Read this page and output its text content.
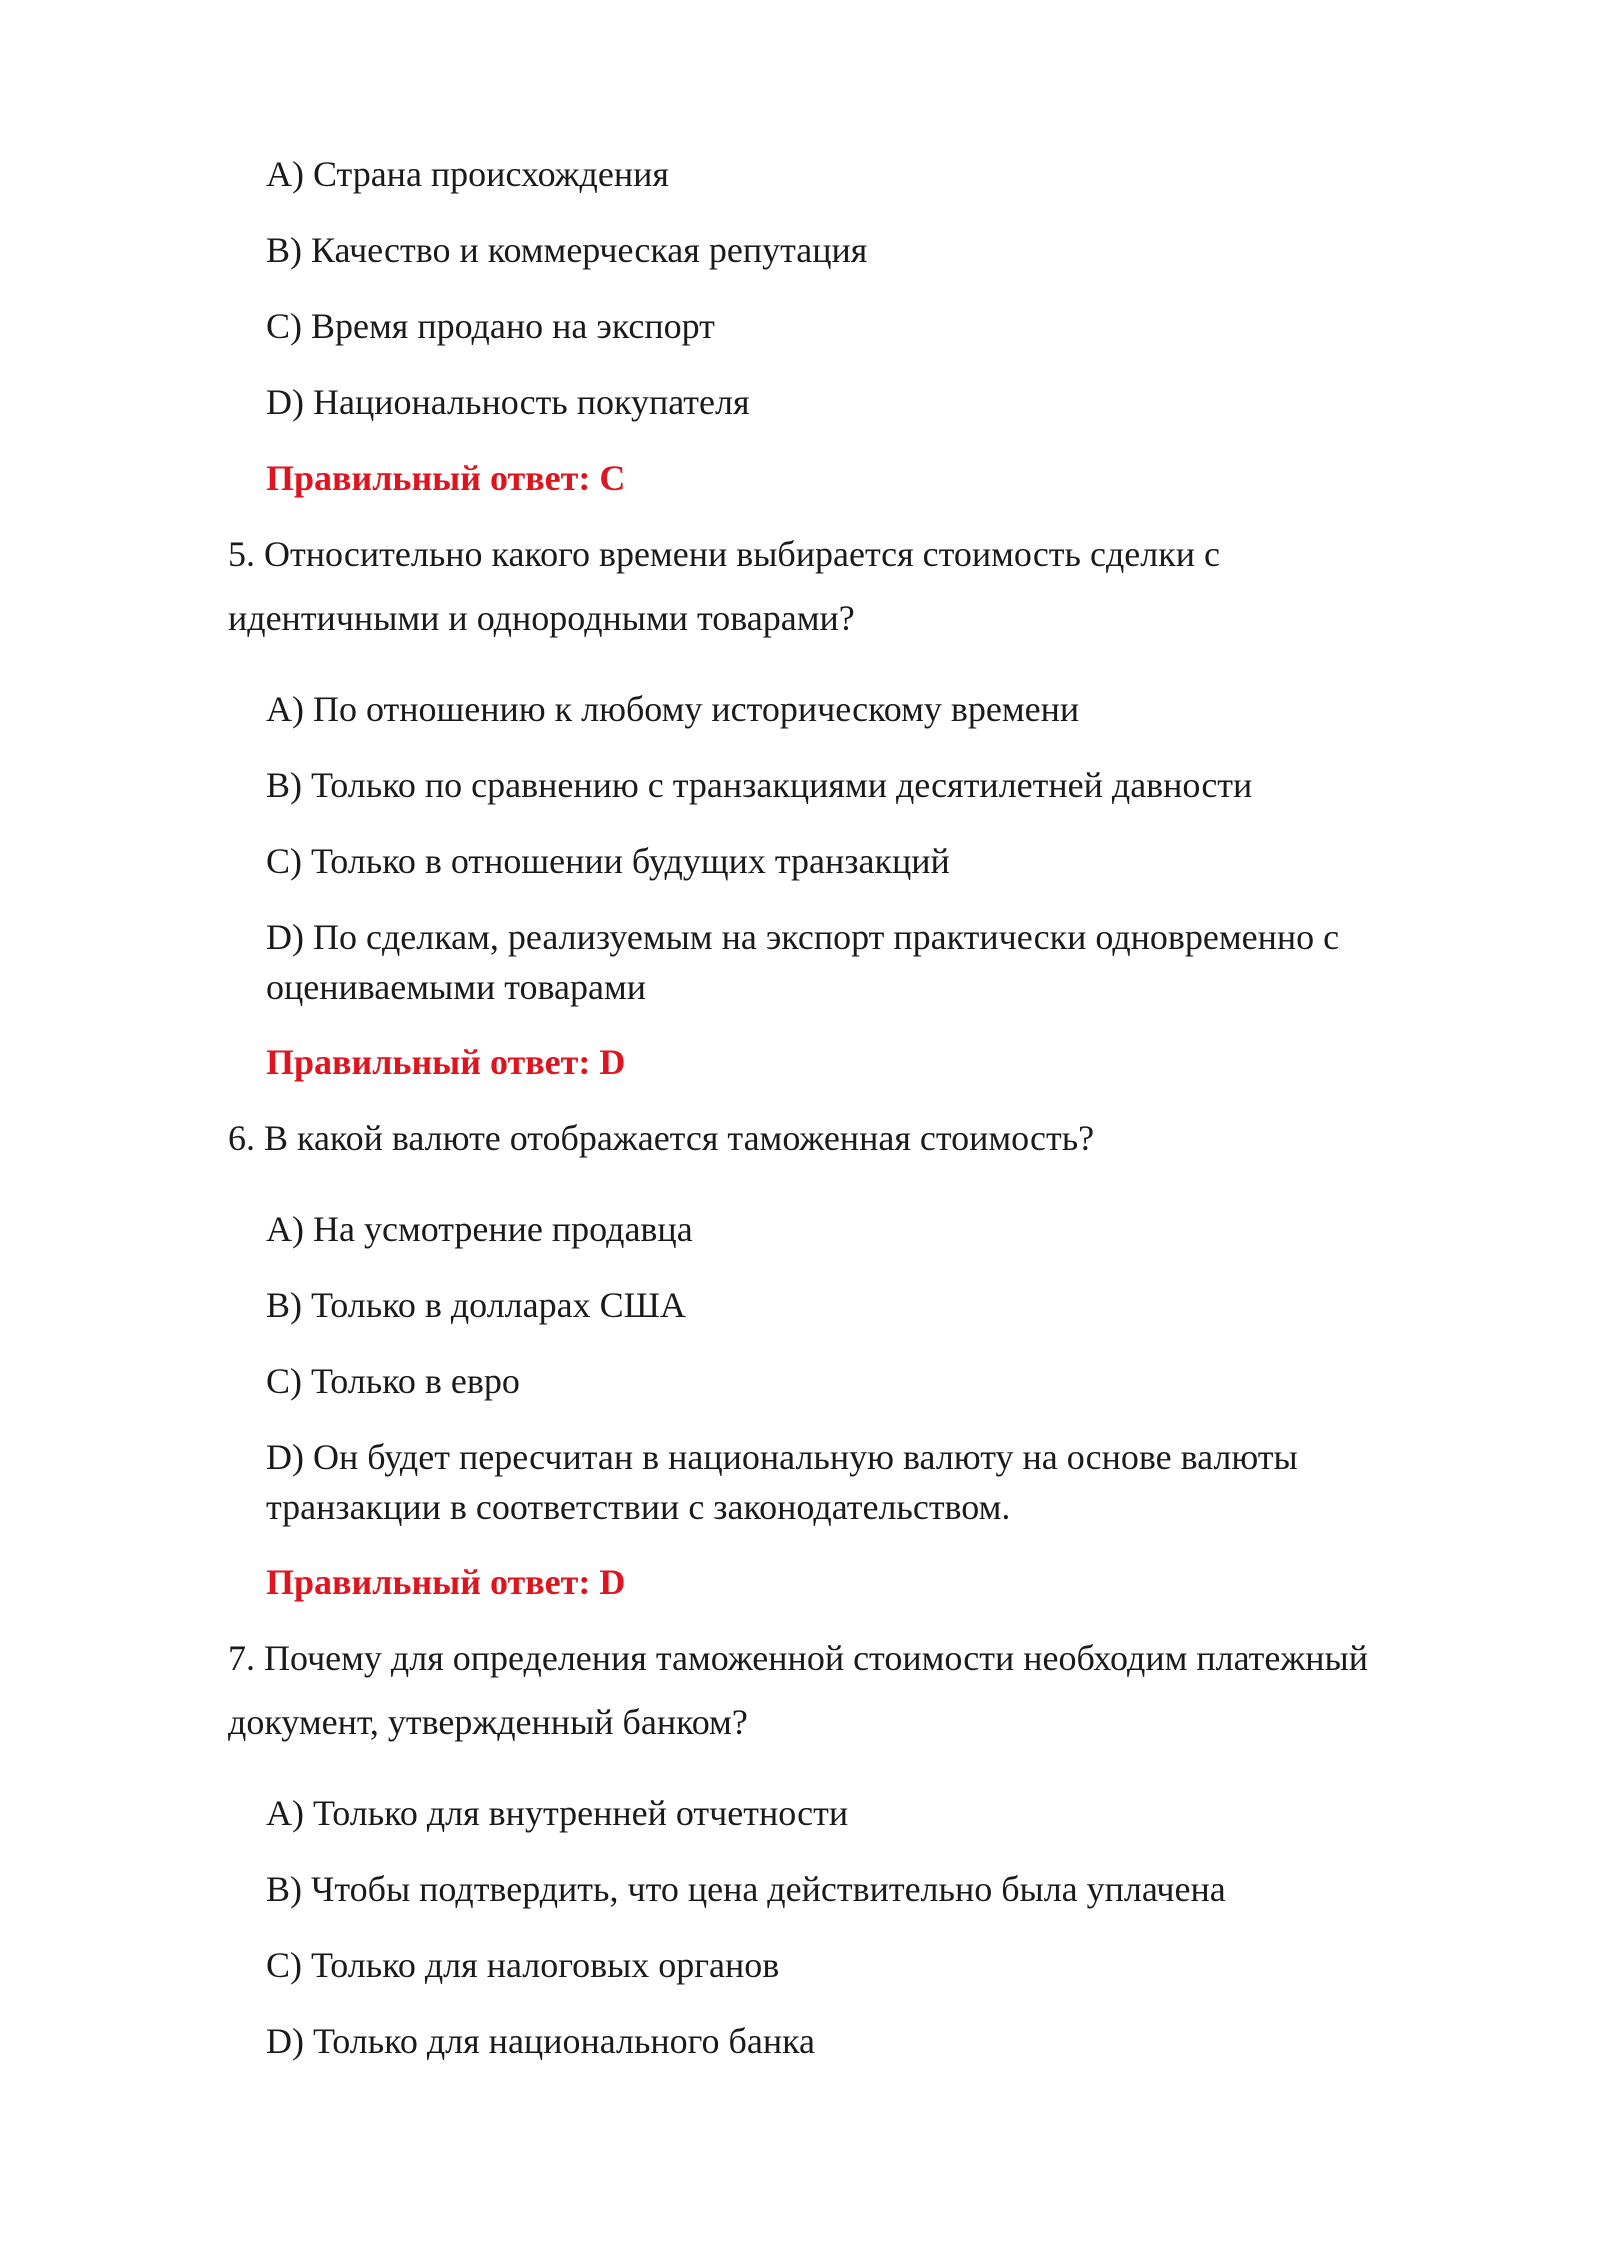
A) Страна происхождения

B) Качество и коммерческая репутация

C) Время продано на экспорт

D) Национальность покупателя

Правильный ответ: C

5. Относительно какого времени выбирается стоимость сделки с
идентичными и однородными товарами?

A) По отношению к любому историческому времени

B) Только по сравнению с транзакциями десятилетней давности

C) Только в отношении будущих транзакций

D) По сделкам, реализуемым на экспорт практически одновременно с
оцениваемыми товарами

Правильный ответ: D

6. В какой валюте отображается таможенная стоимость?

A) На усмотрение продавца

B) Только в долларах США

C) Только в евро

D) Он будет пересчитан в национальную валюту на основе валюты
транзакции в соответствии с законодательством.

Правильный ответ: D

7. Почему для определения таможенной стоимости необходим платежный
документ, утвержденный банком?

A) Только для внутренней отчетности

B) Чтобы подтвердить, что цена действительно была уплачена

C) Только для налоговых органов

D) Только для национального банка
